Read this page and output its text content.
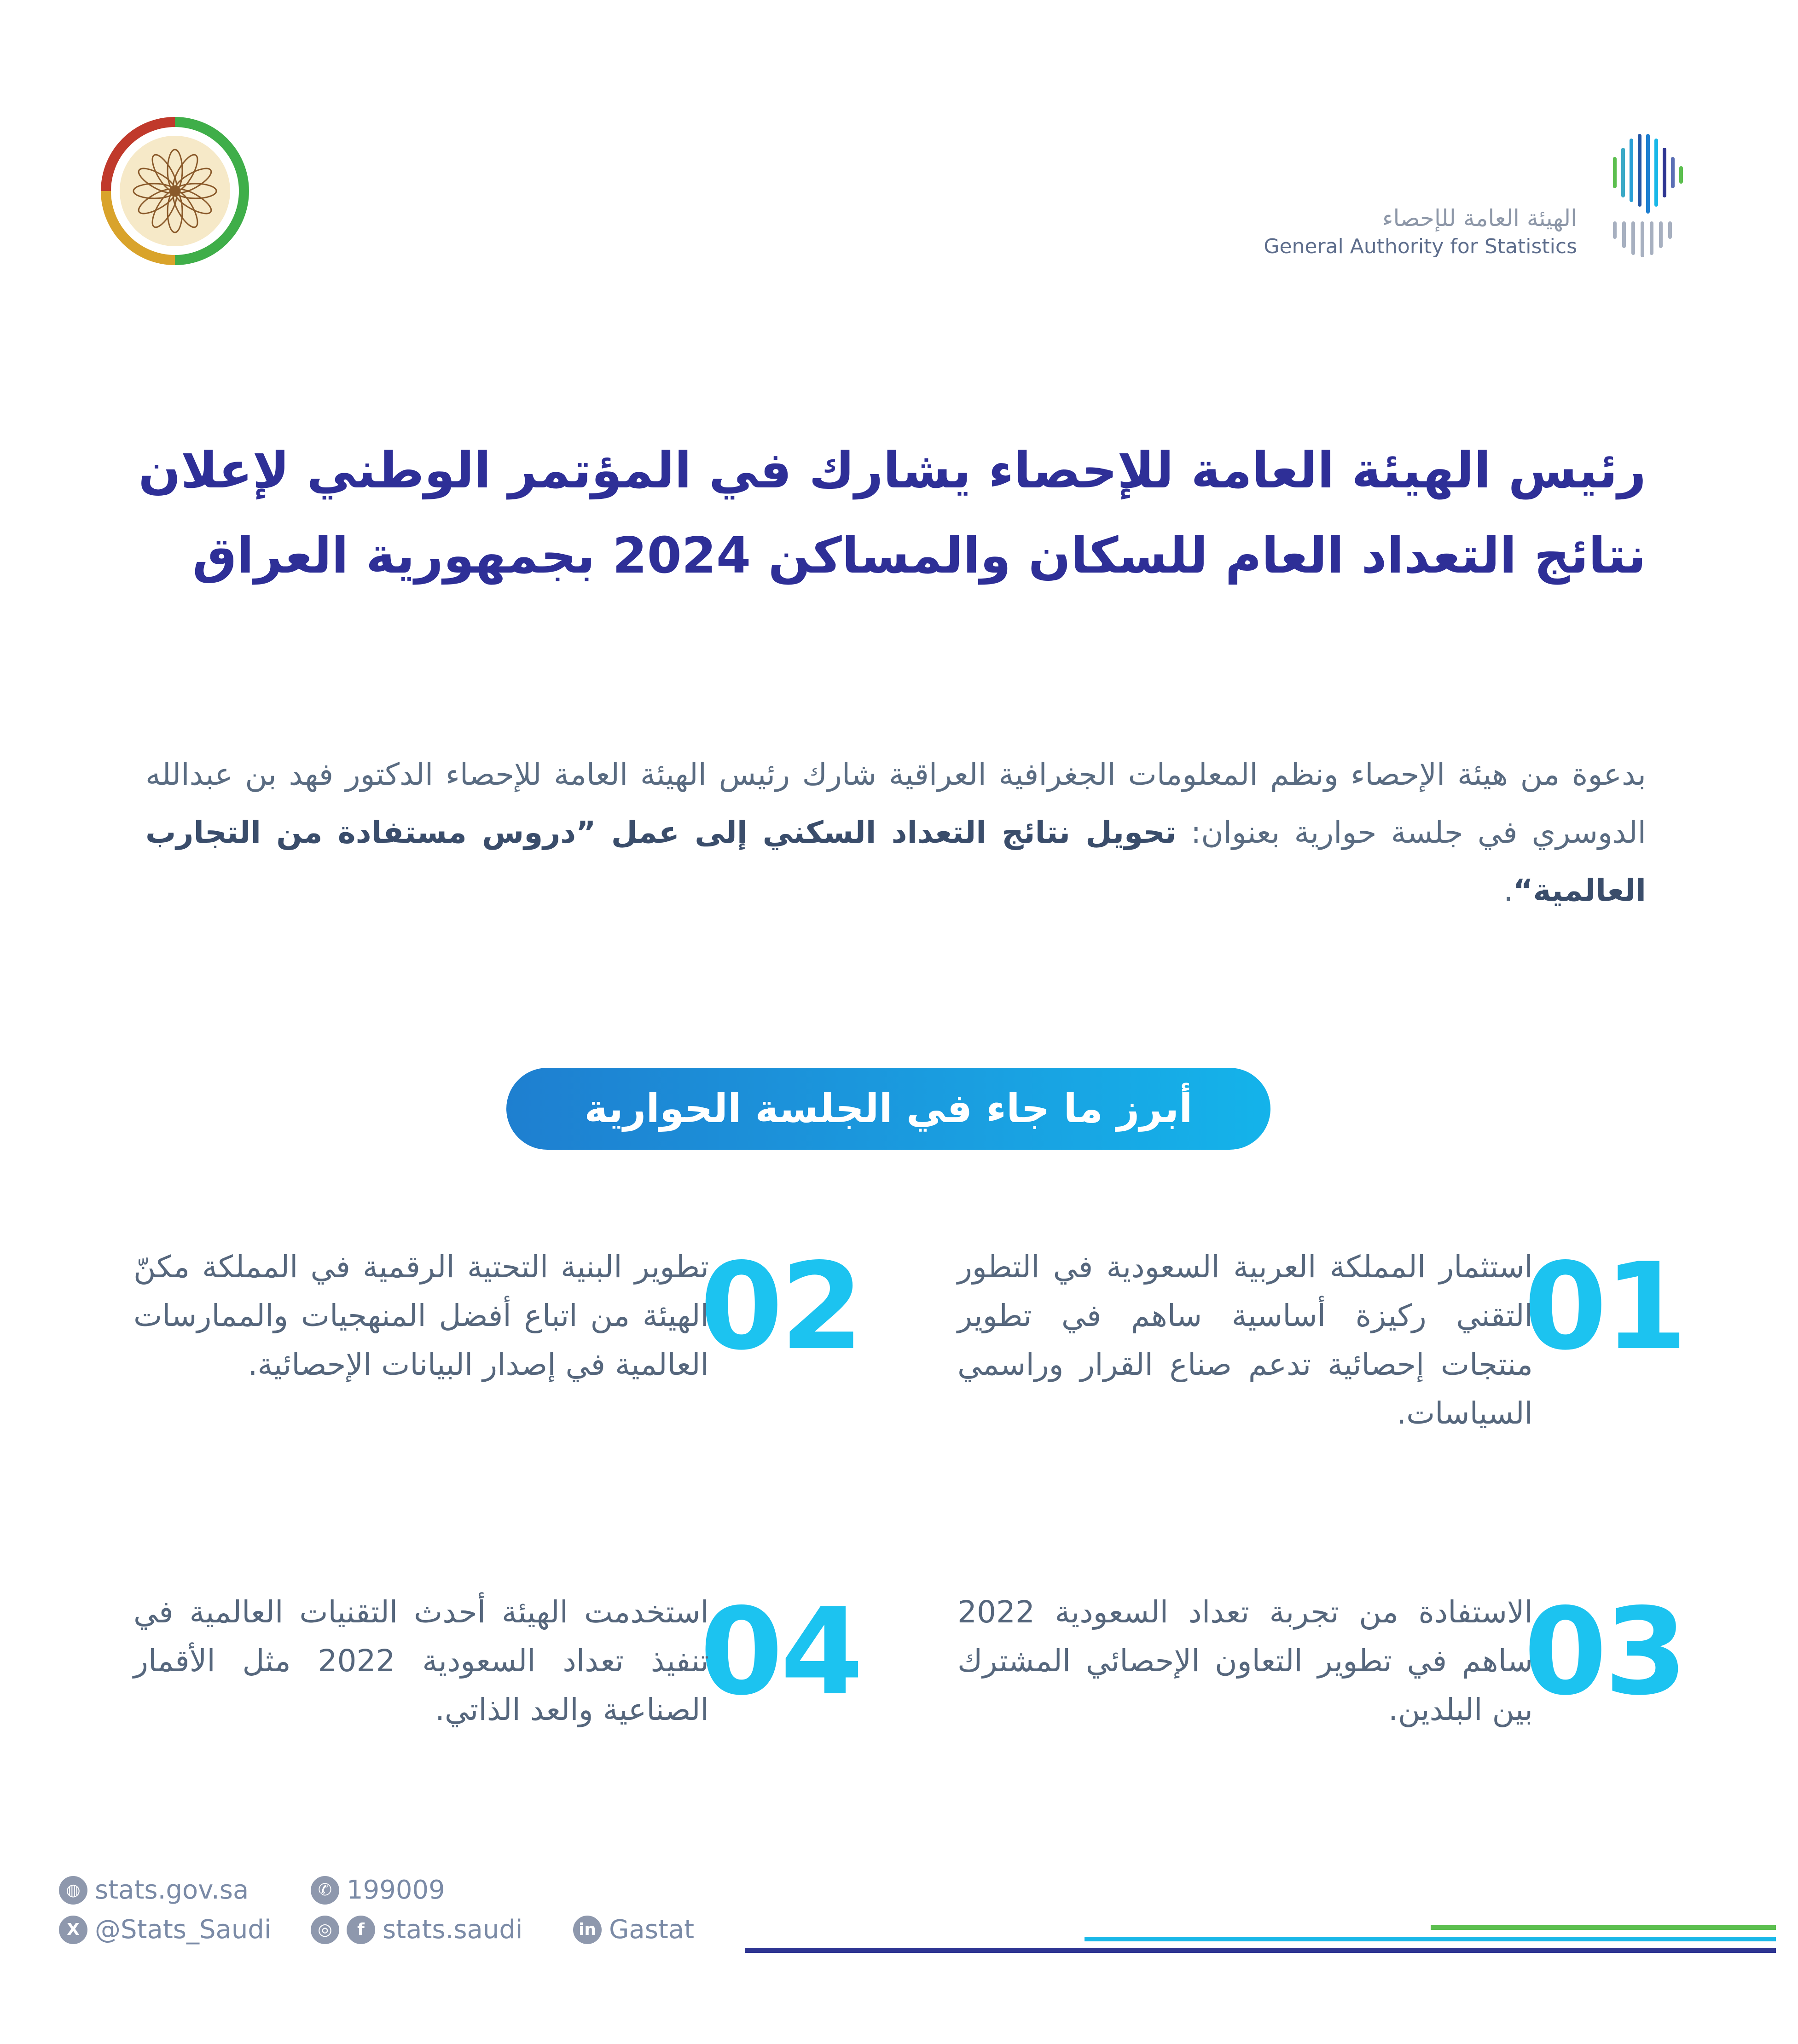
الهيئة العامة للإحصاء
General Authority for Statistics
رئيس الهيئة العامة للإحصاء يشارك في المؤتمر الوطني لإعلان
نتائج التعداد العام للسكان والمساكن 2024 بجمهورية العراق
بدعوة من هيئة الإحصاء ونظم المعلومات الجغرافية العراقية شارك رئيس الهيئة العامة للإحصاء الدكتور فهد بن عبدالله الدوسري في جلسة حوارية بعنوان: تحويل نتائج التعداد السكني إلى عمل ”دروس مستفادة من التجارب العالمية“.
أبرز ما جاء في الجلسة الحوارية
01
استثمار المملكة العربية السعودية في التطور التقني ركيزة أساسية ساهم في تطوير منتجات إحصائية تدعم صناع القرار وراسمي السياسات.
02
تطوير البنية التحتية الرقمية في المملكة مكنّ الهيئة من اتباع أفضل المنهجيات والممارسات العالمية في إصدار البيانات الإحصائية.
03
الاستفادة من تجربة تعداد السعودية 2022 ساهم في تطوير التعاون الإحصائي المشترك بين البلدين.
04
استخدمت الهيئة أحدث التقنيات العالمية في تنفيذ تعداد السعودية 2022 مثل الأقمار الصناعية والعد الذاتي.
◍ stats.gov.sa	✆ 199009
X @Stats_Saudi	◎	f stats.saudi	in Gastat
